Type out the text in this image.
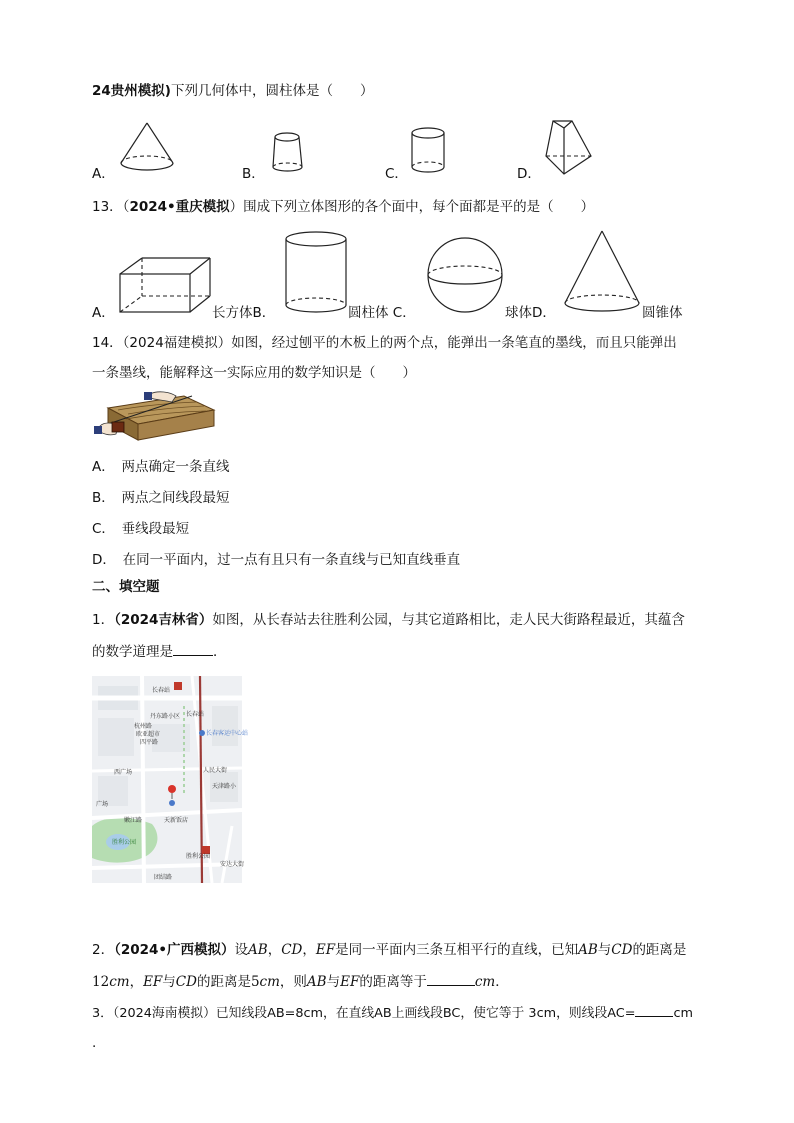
24贵州模拟)下列几何体中，圆柱体是（　　）
A．	B．	C．	D．
13．（2024•重庆模拟）围成下列立体图形的各个面中，每个面都是平的是（　　）
A．	长方体B．	圆柱体 C．	球体D．	圆锥体
14．（2024福建模拟）如图，经过刨平的木板上的两个点，能弹出一条笔直的墨线，而且只能弹出
一条墨线，能解释这一实际应用的数学知识是（　　）
A．　两点确定一条直线
B．　两点之间线段最短
C．　垂线段最短
D．　在同一平面内，过一点有且只有一条直线与已知直线垂直
二、填空题
1．（2024吉林省）如图，从长春站去往胜利公园，与其它道路相比，走人民大街路程最近，其蕴含
的数学道理是	．
长春站
长春站
丹东路小区
杭州路
欧亚超市
四平路
长春客运中心站
西广场	人民大街
天津路小
嫩江路	天新饭店
广场
胜利公园
胜利公园
团结路
安达大街
2．（2024•广西模拟）设AB，CD，EF是同一平面内三条互相平行的直线，已知AB与CD的距离是
12cm，EF与CD的距离是5cm，则AB与EF的距离等于	cm．
3．（2024海南模拟）已知线段AB=8cm，在直线AB上画线段BC，使它等于 3cm，则线段AC=	cm
.
